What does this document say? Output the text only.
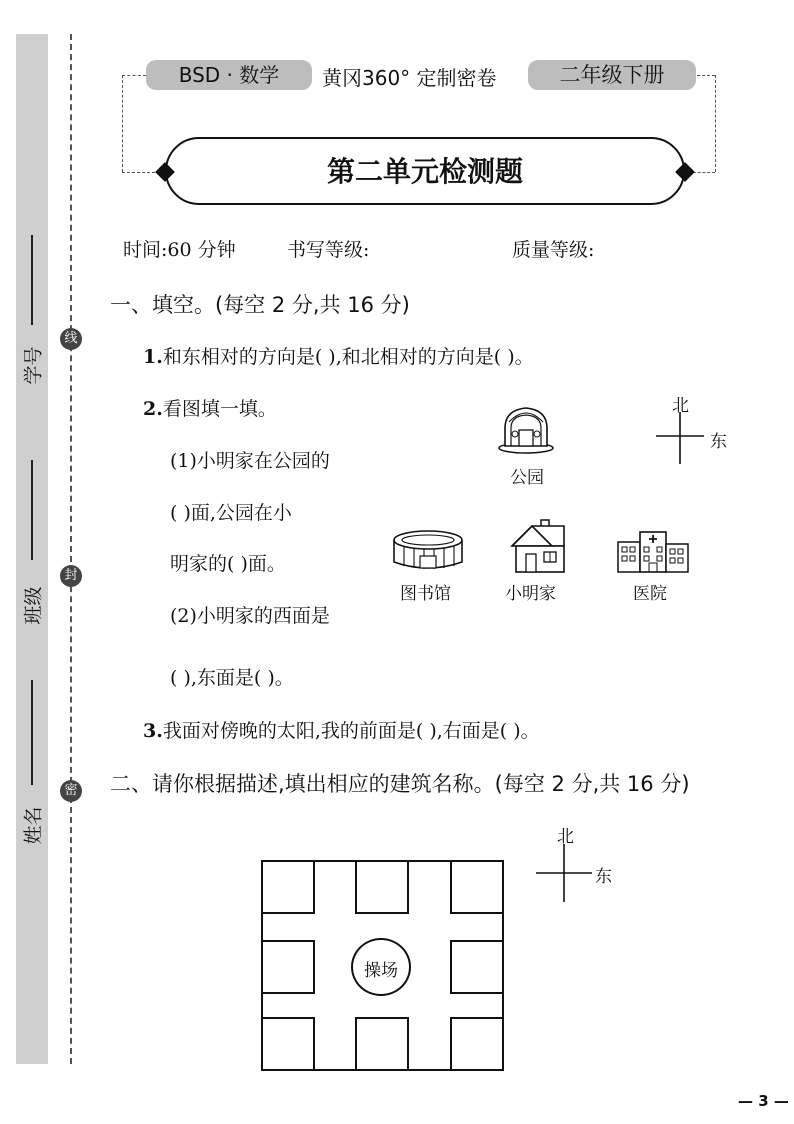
学号
班级
姓名
线
封
密
BSD · 数学	黄冈360° 定制密卷	二年级下册
第二单元检测题
时间:60 分钟	书写等级:	质量等级:
一、填空。(每空 2 分,共 16 分)
1.和东相对的方向是( ),和北相对的方向是( )。
2.看图填一填。
(1)小明家在公园的
( )面,公园在小
明家的( )面。
(2)小明家的西面是
( ),东面是( )。
北
东
公园
图书馆	小明家	医院
3.我面对傍晚的太阳,我的前面是( ),右面是( )。
二、请你根据描述,填出相应的建筑名称。(每空 2 分,共 16 分)
北
东
操场
— 3 —
